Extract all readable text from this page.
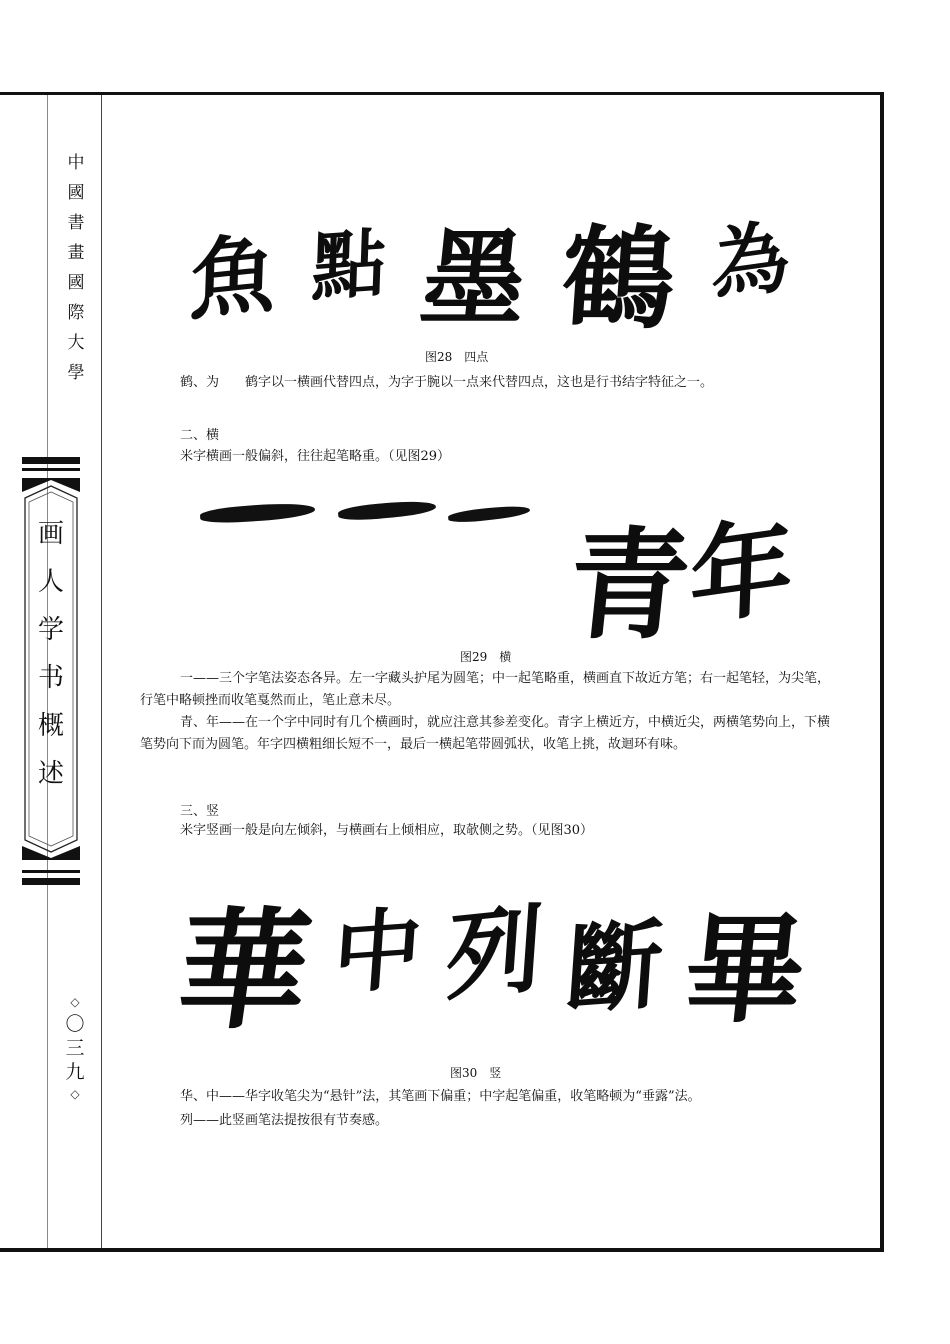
中
國
書
畫
國
際
大
學
画
人
学
书
概
述
◇
〇
三
九
◇
魚 點 墨 鶴 為
图28　四点
鹤、为　　鹤字以一横画代替四点，为字于腕以一点来代替四点，这也是行书结字特征之一。
二、横
米字横画一般偏斜，往往起笔略重。（见图29）
青
年
图29　横
一——三个字笔法姿态各异。左一字藏头护尾为圆笔；中一起笔略重，横画直下故近方笔；右一起笔轻，为尖笔，行笔中略顿挫而收笔戛然而止，笔止意未尽。
青、年——在一个字中同时有几个横画时，就应注意其参差变化。青字上横近方，中横近尖，两横笔势向上，下横笔势向下而为圆笔。年字四横粗细长短不一，最后一横起笔带圆弧状，收笔上挑，故迴环有味。
三、竖
米字竖画一般是向左倾斜，与横画右上倾相应，取欹侧之势。（见图30）
華 中 列 斷 畢
图30　竖
华、中——华字收笔尖为“悬针”法，其笔画下偏重；中字起笔偏重，收笔略顿为“垂露”法。
列——此竖画笔法提按很有节奏感。
